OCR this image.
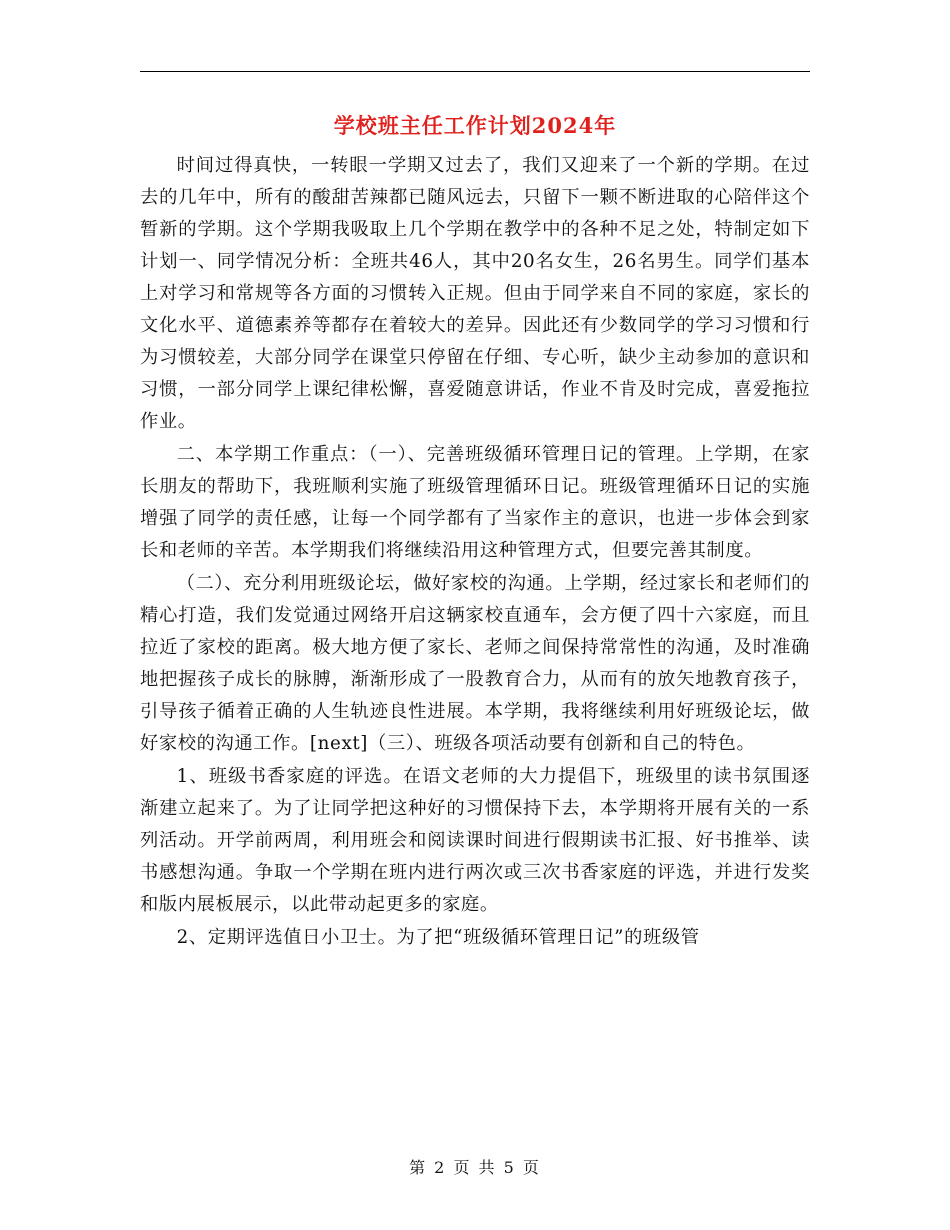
学校班主任工作计划2024年

时间过得真快，一转眼一学期又过去了，我们又迎来了一个新的学期。在过去的几年中，所有的酸甜苦辣都已随风远去，只留下一颗不断进取的心陪伴这个暂新的学期。这个学期我吸取上几个学期在教学中的各种不足之处，特制定如下计划一、同学情况分析：全班共46人，其中20名女生，26名男生。同学们基本上对学习和常规等各方面的习惯转入正规。但由于同学来自不同的家庭，家长的文化水平、道德素养等都存在着较大的差异。因此还有少数同学的学习习惯和行为习惯较差，大部分同学在课堂只停留在仔细、专心听，缺少主动参加的意识和习惯，一部分同学上课纪律松懈，喜爱随意讲话，作业不肯及时完成，喜爱拖拉作业。

二、本学期工作重点：（一）、完善班级循环管理日记的管理。上学期，在家长朋友的帮助下，我班顺利实施了班级管理循环日记。班级管理循环日记的实施增强了同学的责任感，让每一个同学都有了当家作主的意识，也进一步体会到家长和老师的辛苦。本学期我们将继续沿用这种管理方式，但要完善其制度。

（二）、充分利用班级论坛，做好家校的沟通。上学期，经过家长和老师们的精心打造，我们发觉通过网络开启这辆家校直通车，会方便了四十六家庭，而且拉近了家校的距离。极大地方便了家长、老师之间保持常常性的沟通，及时准确地把握孩子成长的脉膊，渐渐形成了一股教育合力，从而有的放矢地教育孩子，引导孩子循着正确的人生轨迹良性进展。本学期，我将继续利用好班级论坛，做好家校的沟通工作。[next]（三）、班级各项活动要有创新和自己的特色。

1、班级书香家庭的评选。在语文老师的大力提倡下，班级里的读书氛围逐渐建立起来了。为了让同学把这种好的习惯保持下去，本学期将开展有关的一系列活动。开学前两周，利用班会和阅读课时间进行假期读书汇报、好书推举、读书感想沟通。争取一个学期在班内进行两次或三次书香家庭的评选，并进行发奖和版内展板展示，以此带动起更多的家庭。

2、定期评选值日小卫士。为了把“班级循环管理日记”的班级管

第 2 页 共 5 页
